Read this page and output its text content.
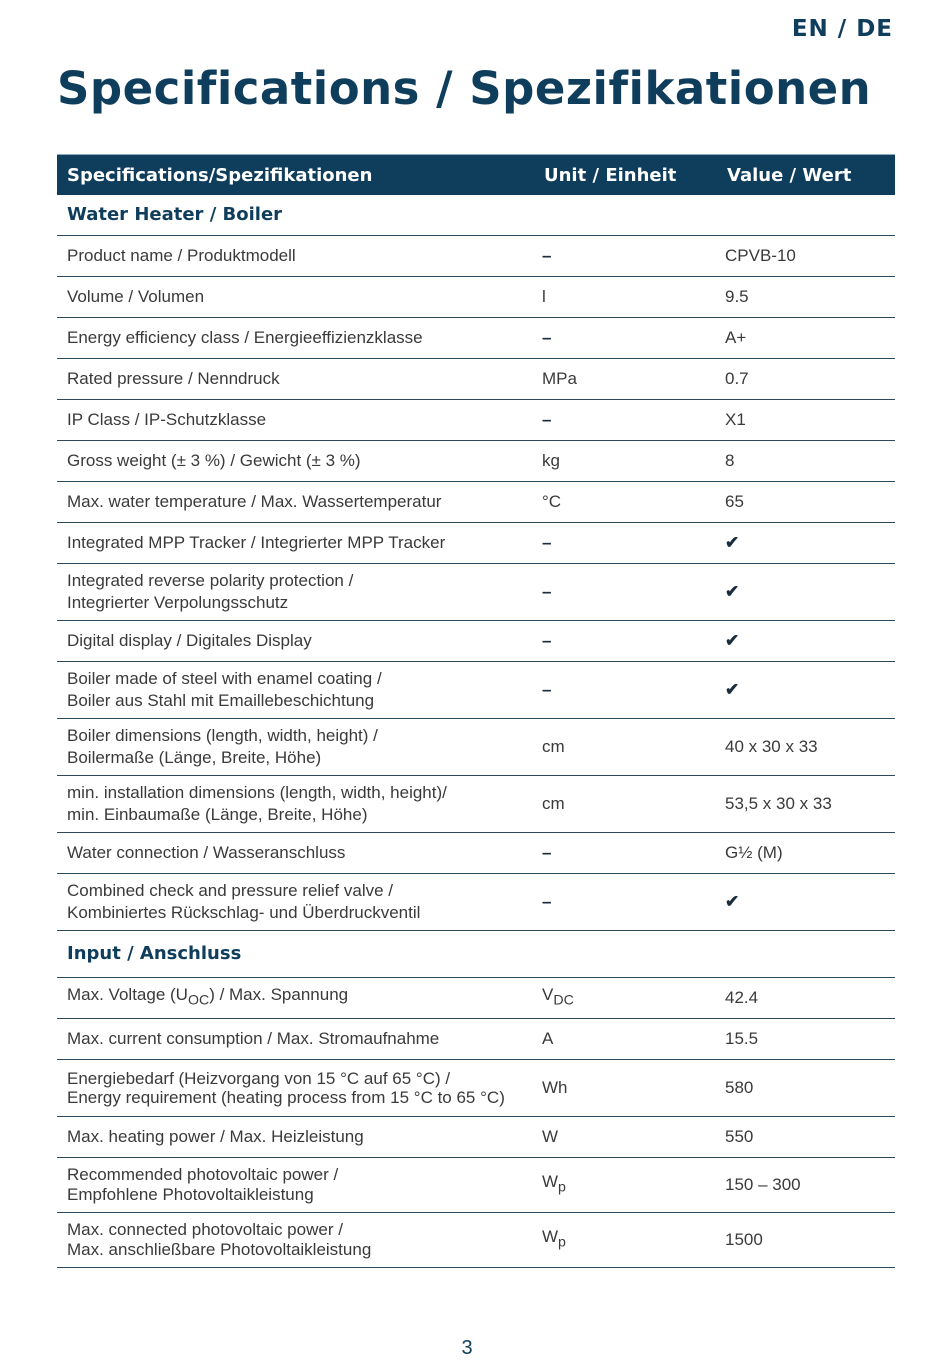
EN / DE
Specifications / Spezifikationen
Specifications/Spezifikationen	Unit / Einheit	Value / Wert
Water Heater / Boiler		
Product name / Produktmodell	–	CPVB-10
Volume / Volumen	l	9.5
Energy efficiency class / Energieeffizienzklasse	–	A+
Rated pressure / Nenndruck	MPa	0.7
IP Class / IP-Schutzklasse	–	X1
Gross weight (± 3 %) / Gewicht (± 3 %)	kg	8
Max. water temperature / Max. Wassertemperatur	°C	65
Integrated MPP Tracker / Integrierter MPP Tracker	–	✔
Integrated reverse polarity protection /
Integrierter Verpolungsschutz	–	✔
Digital display / Digitales Display	–	✔
Boiler made of steel with enamel coating /
Boiler aus Stahl mit Emaillebeschichtung	–	✔
Boiler dimensions (length, width, height) /
Boilermaße (Länge, Breite, Höhe)	cm	40 x 30 x 33
min. installation dimensions (length, width, height)/
min. Einbaumaße (Länge, Breite, Höhe)	cm	53,5 x 30 x 33
Water connection / Wasseranschluss	–	G½ (M)
Combined check and pressure relief valve /
Kombiniertes Rückschlag- und Überdruckventil	–	✔
Input / Anschluss		
Max. Voltage $(U_{OC})$ / Max. Spannung	$V_{DC}$	42.4
Max. current consumption / Max. Stromaufnahme	A	15.5
Energiebedarf (Heizvorgang von 15 °C auf 65 °C) /
Energy requirement (heating process from 15 °C to 65 °C)	Wh	580
Max. heating power / Max. Heizleistung	W	550
Recommended photovoltaic power /
Empfohlene Photovoltaikleistung	$W_p$	150 – 300
Max. connected photovoltaic power /
Max. anschließbare Photovoltaikleistung	$W_p$	1500
3
